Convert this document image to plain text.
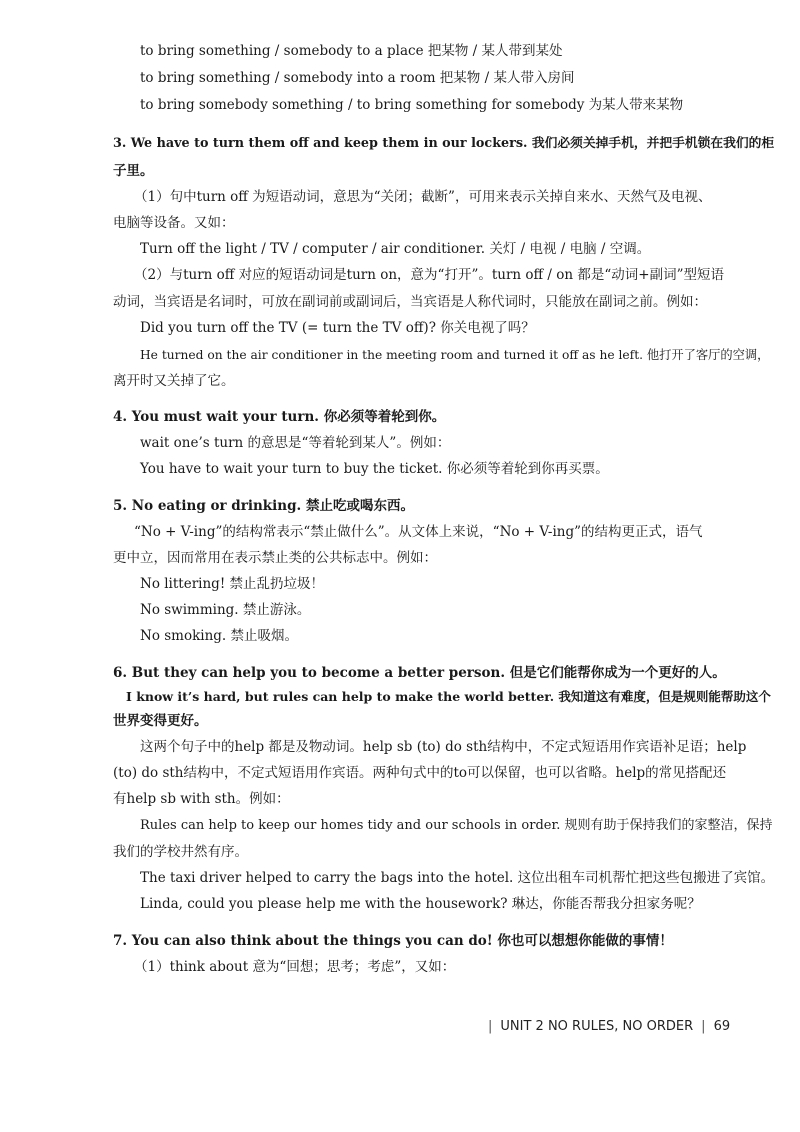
to bring something / somebody to a place 把某物 / 某人带到某处
to bring something / somebody into a room 把某物 / 某人带入房间
to bring somebody something / to bring something for somebody 为某人带来某物
3. We have to turn them off and keep them in our lockers. 我们必须关掉手机，并把手机锁在我们的柜
子里。
（1）句中turn off 为短语动词，意思为“关闭；截断”，可用来表示关掉自来水、天然气及电视、
电脑等设备。又如：
Turn off the light / TV / computer / air conditioner. 关灯 / 电视 / 电脑 / 空调。
（2）与turn off 对应的短语动词是turn on，意为“打开”。turn off / on 都是“动词+副词”型短语
动词，当宾语是名词时，可放在副词前或副词后，当宾语是人称代词时，只能放在副词之前。例如：
Did you turn off the TV (= turn the TV off)? 你关电视了吗？
He turned on the air conditioner in the meeting room and turned it off as he left. 他打开了客厅的空调，
离开时又关掉了它。
4. You must wait your turn. 你必须等着轮到你。
wait one’s turn 的意思是“等着轮到某人”。例如：
You have to wait your turn to buy the ticket. 你必须等着轮到你再买票。
5. No eating or drinking. 禁止吃或喝东西。
“No + V-ing”的结构常表示“禁止做什么”。从文体上来说，“No + V-ing”的结构更正式，语气
更中立，因而常用在表示禁止类的公共标志中。例如：
No littering! 禁止乱扔垃圾！
No swimming. 禁止游泳。
No smoking. 禁止吸烟。
6. But they can help you to become a better person. 但是它们能帮你成为一个更好的人。
I know it’s hard, but rules can help to make the world better. 我知道这有难度，但是规则能帮助这个
世界变得更好。
这两个句子中的help 都是及物动词。help sb (to) do sth结构中，不定式短语用作宾语补足语；help
(to) do sth结构中，不定式短语用作宾语。两种句式中的to可以保留，也可以省略。help的常见搭配还
有help sb with sth。例如：
Rules can help to keep our homes tidy and our schools in order. 规则有助于保持我们的家整洁，保持
我们的学校井然有序。
The taxi driver helped to carry the bags into the hotel. 这位出租车司机帮忙把这些包搬进了宾馆。
Linda, could you please help me with the housework? 琳达，你能否帮我分担家务呢？
7. You can also think about the things you can do! 你也可以想想你能做的事情！
（1）think about 意为“回想；思考；考虑”，又如：
| UNIT 2 NO RULES, NO ORDER | 69
